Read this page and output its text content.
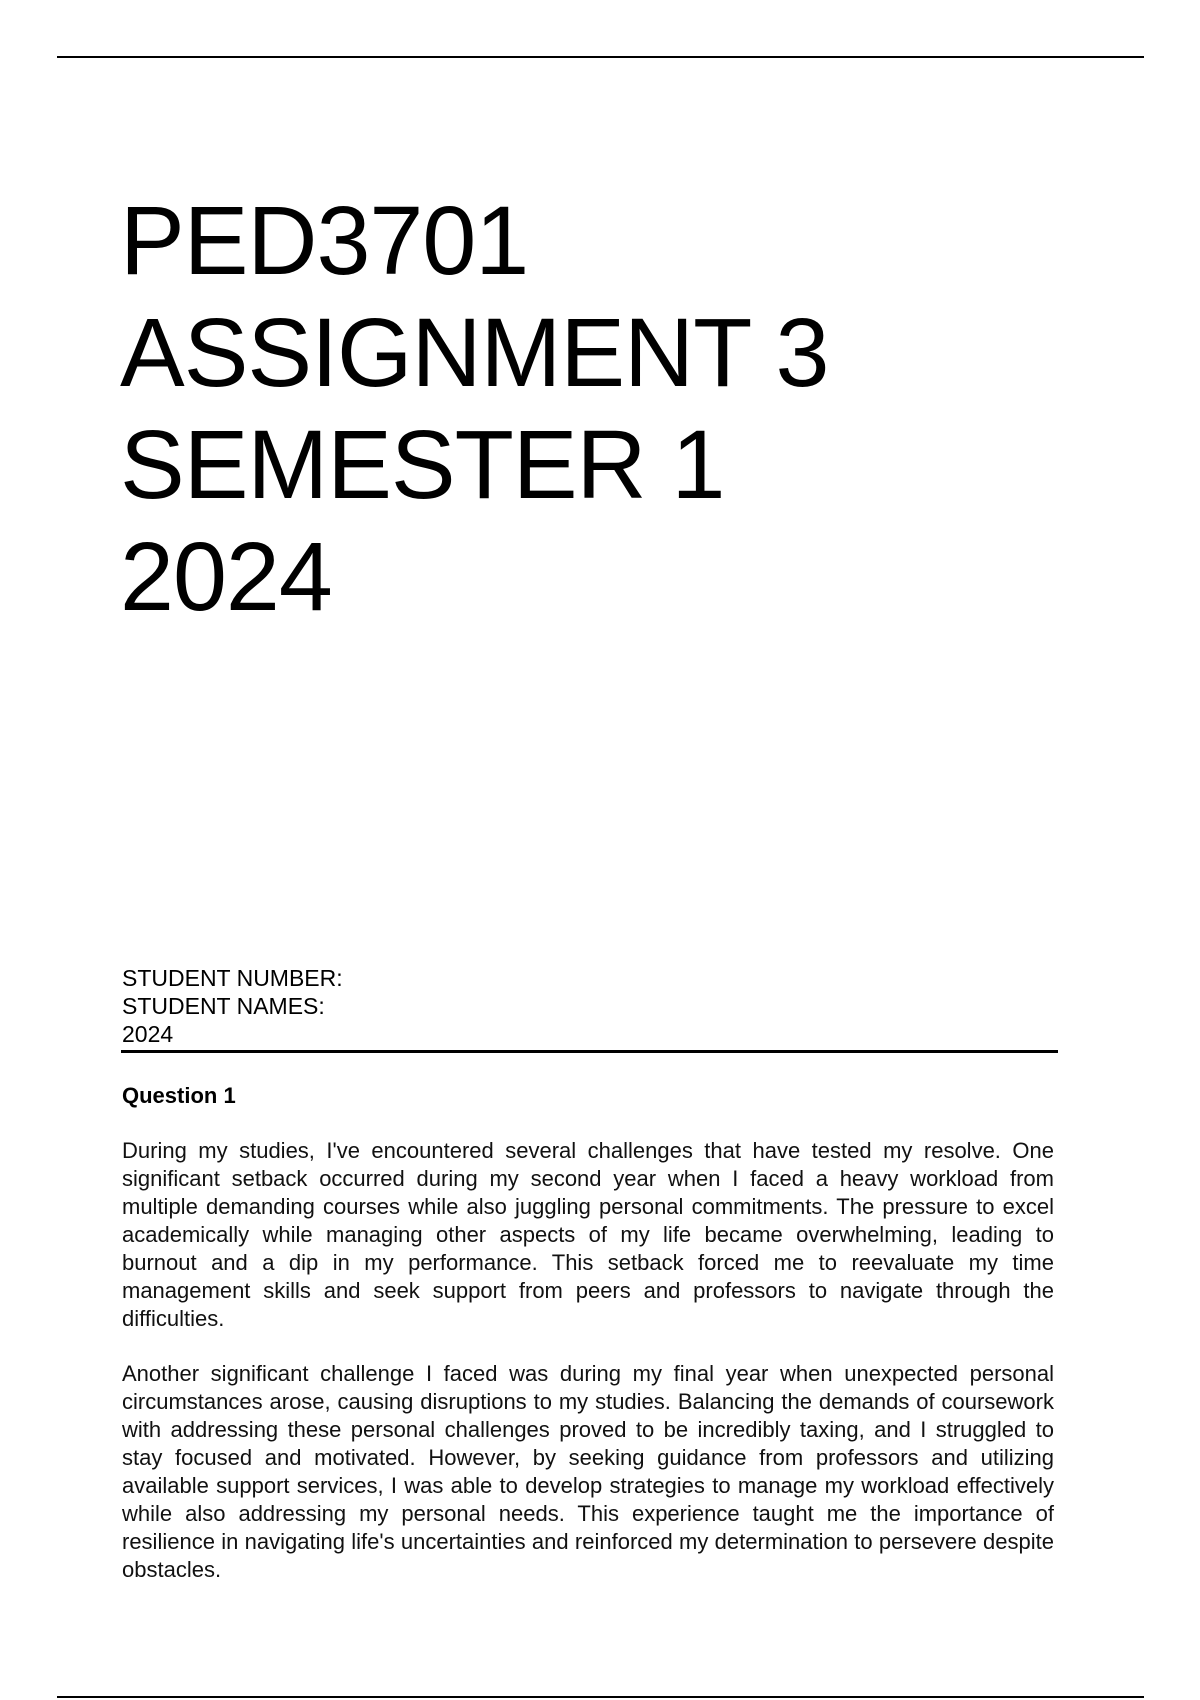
PED3701
ASSIGNMENT 3
SEMESTER 1
2024
STUDENT NUMBER:
STUDENT NAMES:
2024
Question 1

During my studies, I've encountered several challenges that have tested my resolve. One significant setback occurred during my second year when I faced a heavy workload from multiple demanding courses while also juggling personal commitments. The pressure to excel academically while managing other aspects of my life became overwhelming, leading to burnout and a dip in my performance. This setback forced me to reevaluate my time management skills and seek support from peers and professors to navigate through the difficulties.

Another significant challenge I faced was during my final year when unexpected personal circumstances arose, causing disruptions to my studies. Balancing the demands of coursework with addressing these personal challenges proved to be incredibly taxing, and I struggled to stay focused and motivated. However, by seeking guidance from professors and utilizing available support services, I was able to develop strategies to manage my workload effectively while also addressing my personal needs. This experience taught me the importance of resilience in navigating life's uncertainties and reinforced my determination to persevere despite obstacles.
